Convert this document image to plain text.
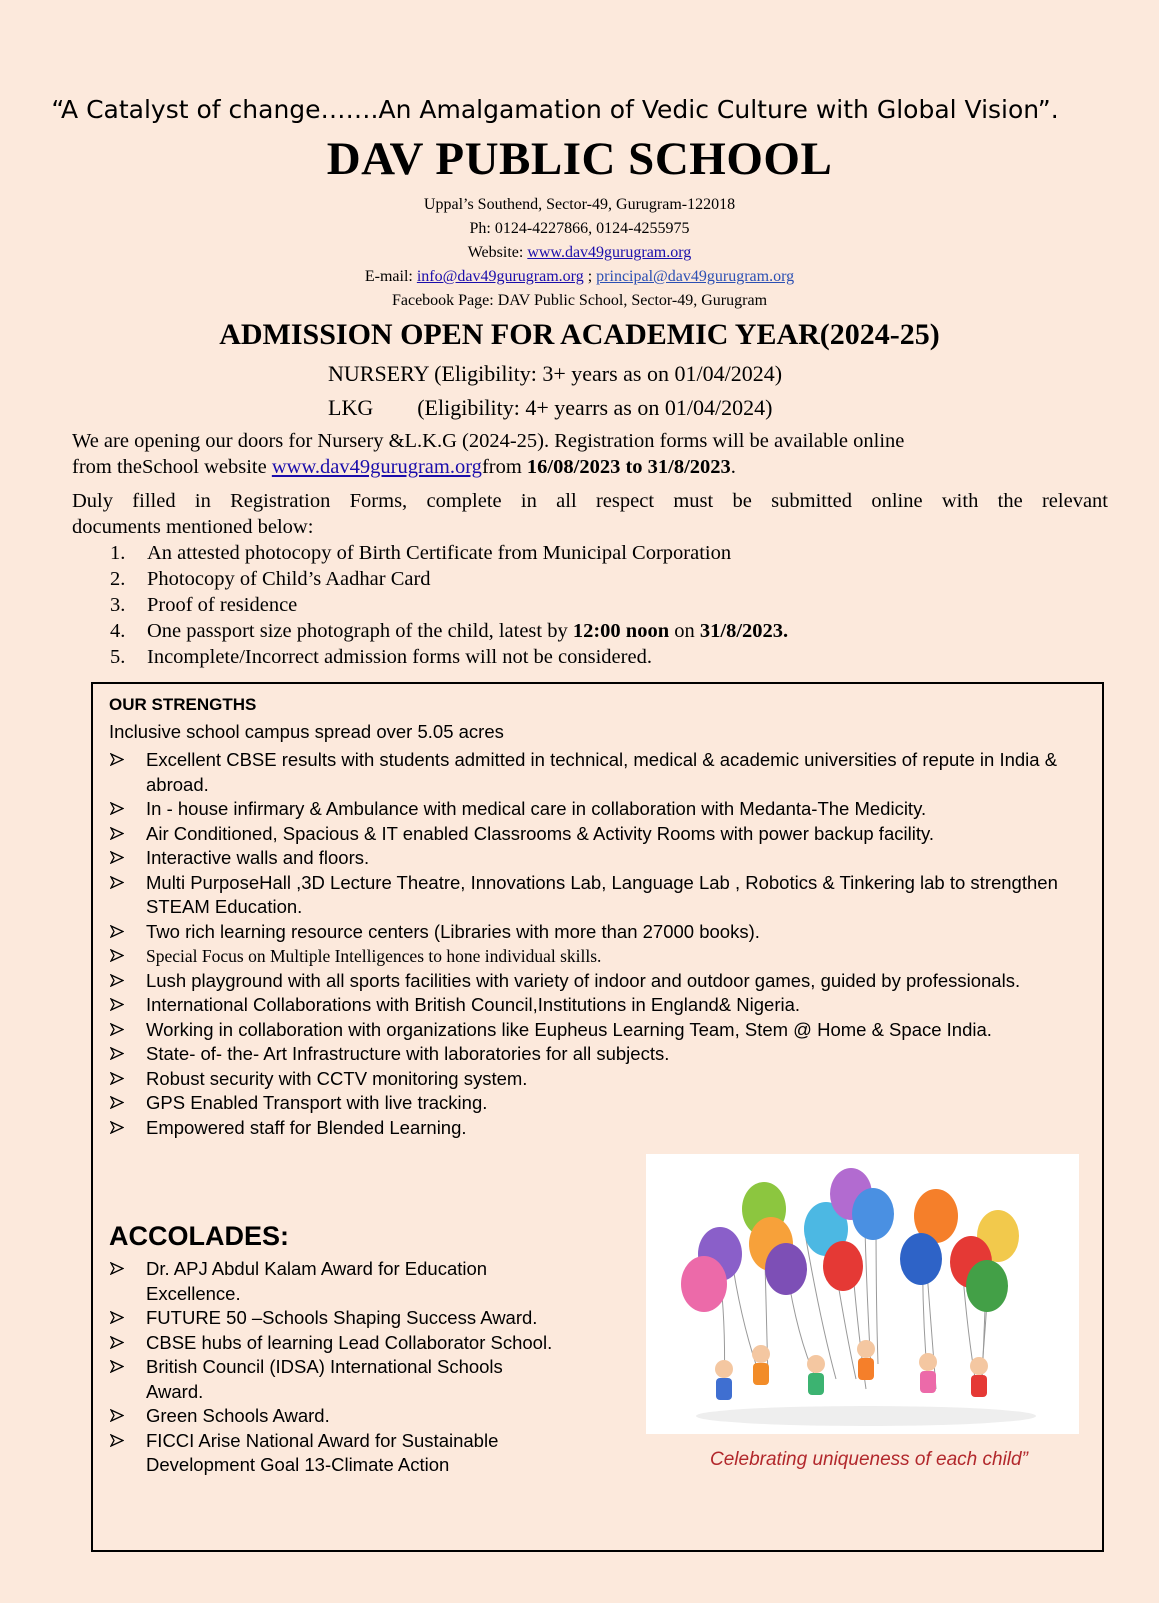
“A Catalyst of change…….An Amalgamation of Vedic Culture with Global Vision”.
DAV PUBLIC SCHOOL
Uppal’s Southend, Sector-49, Gurugram-122018
Ph: 0124-4227866, 0124-4255975
Website: www.dav49gurugram.org
E-mail: info@dav49gurugram.org ; principal@dav49gurugram.org
Facebook Page: DAV Public School, Sector-49, Gurugram
ADMISSION OPEN FOR ACADEMIC YEAR(2024-25)
NURSERY (Eligibility: 3+ years as on 01/04/2024)
LKG (Eligibility: 4+ yearrs as on 01/04/2024)
We are opening our doors for Nursery &L.K.G (2024-25). Registration forms will be available online
from theSchool website www.dav49gurugram.orgfrom 16/08/2023 to 31/8/2023.
Duly filled in Registration Forms, complete in all respect must be submitted online with the relevant
documents mentioned below:
1. An attested photocopy of Birth Certificate from Municipal Corporation
2. Photocopy of Child’s Aadhar Card
3. Proof of residence
4. One passport size photograph of the child, latest by 12:00 noon on 31/8/2023.
5. Incomplete/Incorrect admission forms will not be considered.
OUR STRENGTHS
Inclusive school campus spread over 5.05 acres
Excellent CBSE results with students admitted in technical, medical & academic universities of repute in India & abroad.
In - house infirmary & Ambulance with medical care in collaboration with Medanta-The Medicity.
Air Conditioned, Spacious & IT enabled Classrooms & Activity Rooms with power backup facility.
Interactive walls and floors.
Multi PurposeHall ,3D Lecture Theatre, Innovations Lab, Language Lab , Robotics & Tinkering lab to strengthen STEAM Education.
Two rich learning resource centers (Libraries with more than 27000 books).
Special Focus on Multiple Intelligences to hone individual skills.
Lush playground with all sports facilities with variety of indoor and outdoor games, guided by professionals.
International Collaborations with British Council,Institutions in England& Nigeria.
Working in collaboration with organizations like Eupheus Learning Team, Stem @ Home & Space India.
State- of- the- Art Infrastructure with laboratories for all subjects.
Robust security with CCTV monitoring system.
GPS Enabled Transport with live tracking.
Empowered staff for Blended Learning.
ACCOLADES:
Dr. APJ Abdul Kalam Award for Education Excellence.
FUTURE 50 –Schools Shaping Success Award.
CBSE hubs of learning Lead Collaborator School.
British Council (IDSA) International Schools Award.
Green Schools Award.
FICCI Arise National Award for Sustainable Development Goal 13-Climate Action	Celebrating uniqueness of each child”
